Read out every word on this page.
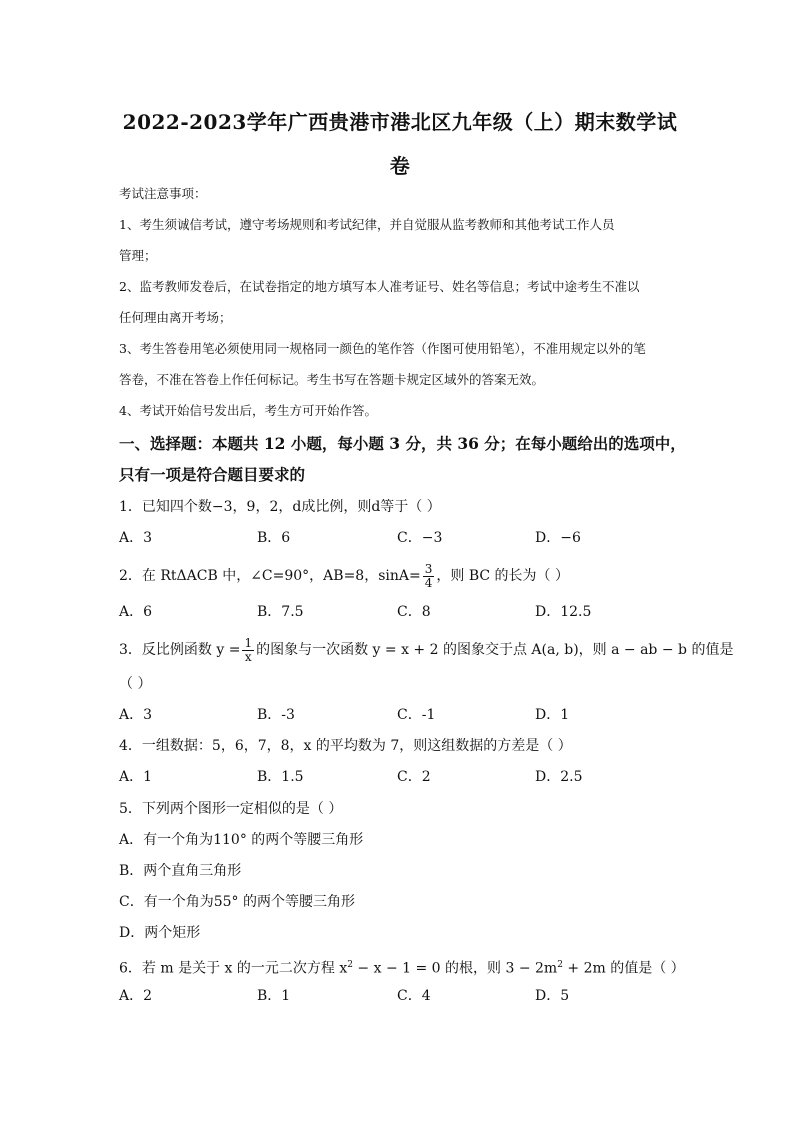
2022-2023学年广西贵港市港北区九年级（上）期末数学试
卷
考试注意事项：
1、考生须诚信考试，遵守考场规则和考试纪律，并自觉服从监考教师和其他考试工作人员
管理；
2、监考教师发卷后，在试卷指定的地方填写本人准考证号、姓名等信息；考试中途考生不准以
任何理由离开考场；
3、考生答卷用笔必须使用同一规格同一颜色的笔作答（作图可使用铅笔），不准用规定以外的笔
答卷，不准在答卷上作任何标记。考生书写在答题卡规定区域外的答案无效。
4、考试开始信号发出后，考生方可开始作答。
一、选择题：本题共 12 小题，每小题 3 分，共 36 分；在每小题给出的选项中，
只有一项是符合题目要求的
1．已知四个数−3，9，2，d成比例，则d等于（ ）
A．3	B．6	C．−3	D．−6
2．在 RtΔACB 中，∠C=90°，AB=8，$\sin A= \frac{3}{4}$ ，则 BC 的长为（ ）
A．6	B．7.5	C．8	D．12.5
3．反比例函数 $y = \frac{1}{x}$ 的图象与一次函数 y = x + 2 的图象交于点 A(a, b)，则 a − ab − b 的值是
（ ）
A．3	B．-3	C．-1	D．1
4．一组数据：5，6，7，8，x 的平均数为 7，则这组数据的方差是（ ）
A．1	B．1.5	C．2	D．2.5
5．下列两个图形一定相似的是（ ）
A．有一个角为110° 的两个等腰三角形
B．两个直角三角形
C．有一个角为55° 的两个等腰三角形
D．两个矩形
6．若 m 是关于 x 的一元二次方程 $x^2 - x - 1 = 0$ 的根，则 $3 - 2m^2 + 2m$ 的值是（ ）
A．2	B．1	C．4	D．5
